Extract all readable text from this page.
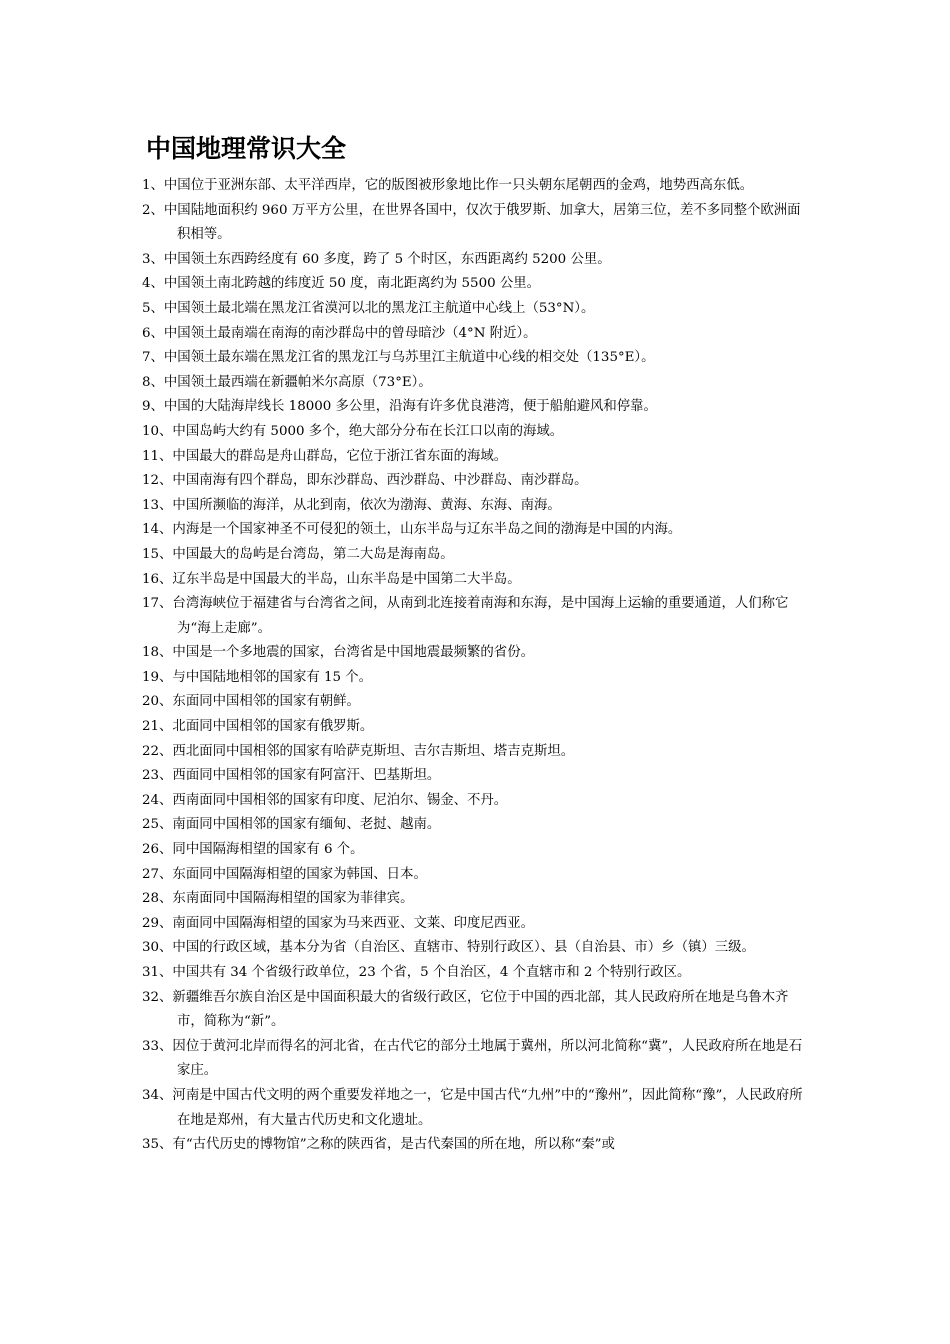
中国地理常识大全
1、中国位于亚洲东部、太平洋西岸，它的版图被形象地比作一只头朝东尾朝西的金鸡，地势西高东低。
2、中国陆地面积约 960 万平方公里，在世界各国中，仅次于俄罗斯、加拿大，居第三位，差不多同整个欧洲面积相等。
3、中国领土东西跨经度有 60 多度，跨了 5 个时区，东西距离约 5200 公里。
4、中国领土南北跨越的纬度近 50 度，南北距离约为 5500 公里。
5、中国领土最北端在黑龙江省漠河以北的黑龙江主航道中心线上（53°N）。
6、中国领土最南端在南海的南沙群岛中的曾母暗沙（4°N 附近）。
7、中国领土最东端在黑龙江省的黑龙江与乌苏里江主航道中心线的相交处（135°E）。
8、中国领土最西端在新疆帕米尔高原（73°E）。
9、中国的大陆海岸线长 18000 多公里，沿海有许多优良港湾，便于船舶避风和停靠。
10、中国岛屿大约有 5000 多个，绝大部分分布在长江口以南的海域。
11、中国最大的群岛是舟山群岛，它位于浙江省东面的海域。
12、中国南海有四个群岛，即东沙群岛、西沙群岛、中沙群岛、南沙群岛。
13、中国所濒临的海洋，从北到南，依次为渤海、黄海、东海、南海。
14、内海是一个国家神圣不可侵犯的领土，山东半岛与辽东半岛之间的渤海是中国的内海。
15、中国最大的岛屿是台湾岛，第二大岛是海南岛。
16、辽东半岛是中国最大的半岛，山东半岛是中国第二大半岛。
17、台湾海峡位于福建省与台湾省之间，从南到北连接着南海和东海，是中国海上运输的重要通道，人们称它为“海上走廊”。
18、中国是一个多地震的国家，台湾省是中国地震最频繁的省份。
19、与中国陆地相邻的国家有 15 个。
20、东面同中国相邻的国家有朝鲜。
21、北面同中国相邻的国家有俄罗斯。
22、西北面同中国相邻的国家有哈萨克斯坦、吉尔吉斯坦、塔吉克斯坦。
23、西面同中国相邻的国家有阿富汗、巴基斯坦。
24、西南面同中国相邻的国家有印度、尼泊尔、锡金、不丹。
25、南面同中国相邻的国家有缅甸、老挝、越南。
26、同中国隔海相望的国家有 6 个。
27、东面同中国隔海相望的国家为韩国、日本。
28、东南面同中国隔海相望的国家为菲律宾。
29、南面同中国隔海相望的国家为马来西亚、文莱、印度尼西亚。
30、中国的行政区域，基本分为省（自治区、直辖市、特别行政区）、县（自治县、市）乡（镇）三级。
31、中国共有 34 个省级行政单位，23 个省，5 个自治区，4 个直辖市和 2 个特别行政区。
32、新疆维吾尔族自治区是中国面积最大的省级行政区，它位于中国的西北部，其人民政府所在地是乌鲁木齐市，简称为“新”。
33、因位于黄河北岸而得名的河北省，在古代它的部分土地属于冀州，所以河北简称“冀”，人民政府所在地是石家庄。
34、河南是中国古代文明的两个重要发祥地之一，它是中国古代“九州”中的“豫州”，因此简称“豫”，人民政府所在地是郑州，有大量古代历史和文化遗址。
35、有“古代历史的博物馆”之称的陕西省，是古代秦国的所在地，所以称“秦”或
